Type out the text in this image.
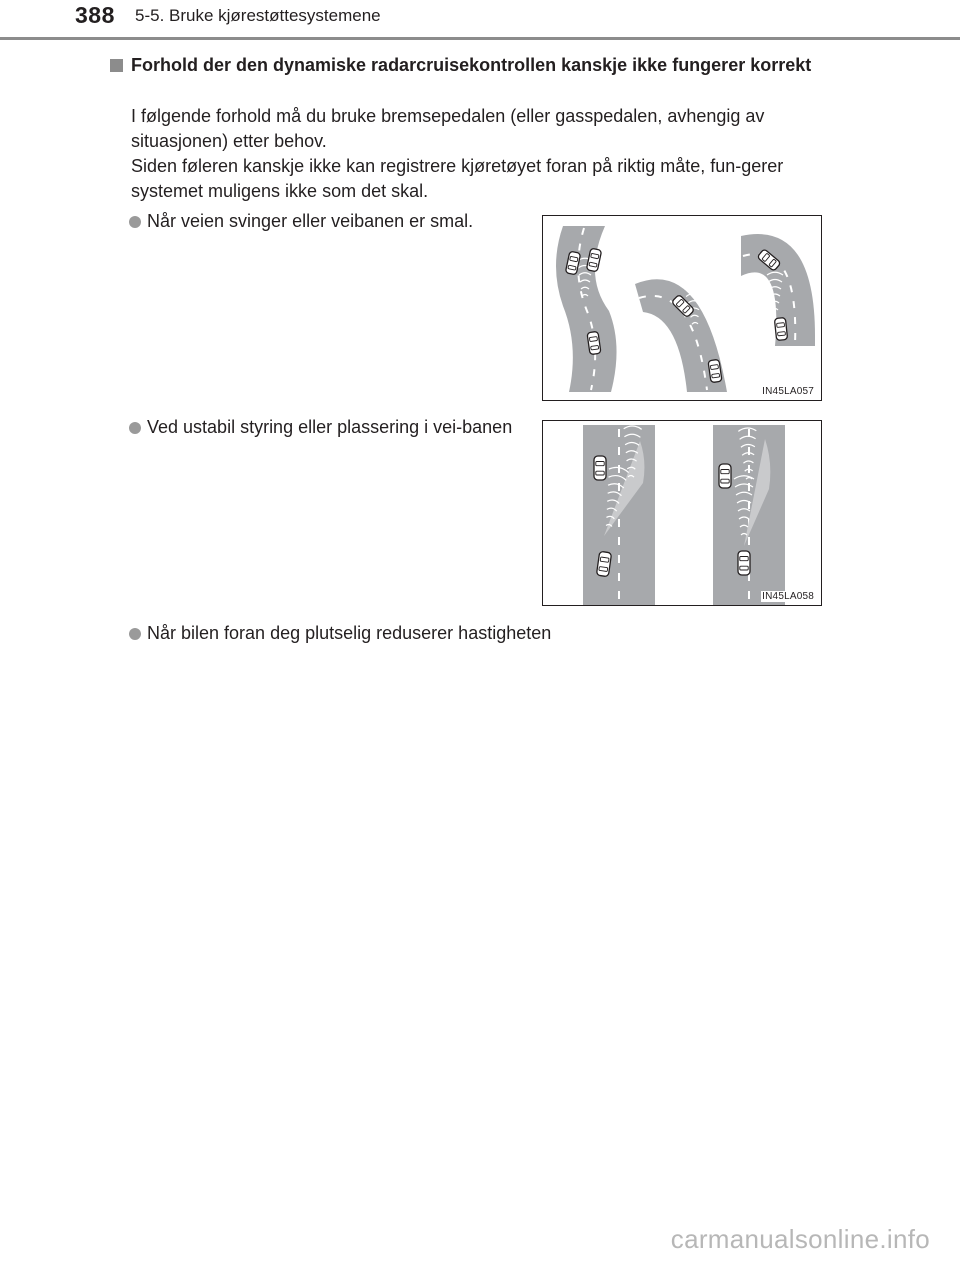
388 5-5. Bruke kjørestøttesystemene
Forhold der den dynamiske radarcruisekontrollen kanskje ikke fungerer korrekt

I følgende forhold må du bruke bremsepedalen (eller gasspedalen, avhengig av situasjonen) etter behov.

Siden føleren kanskje ikke kan registrere kjøretøyet foran på riktig måte, fun-gerer systemet muligens ikke som det skal.

Når veien svinger eller veibanen er smal.
IN45LA057
Ved ustabil styring eller plassering i vei-banen
IN45LA058
Når bilen foran deg plutselig reduserer hastigheten
carmanualsonline.info
